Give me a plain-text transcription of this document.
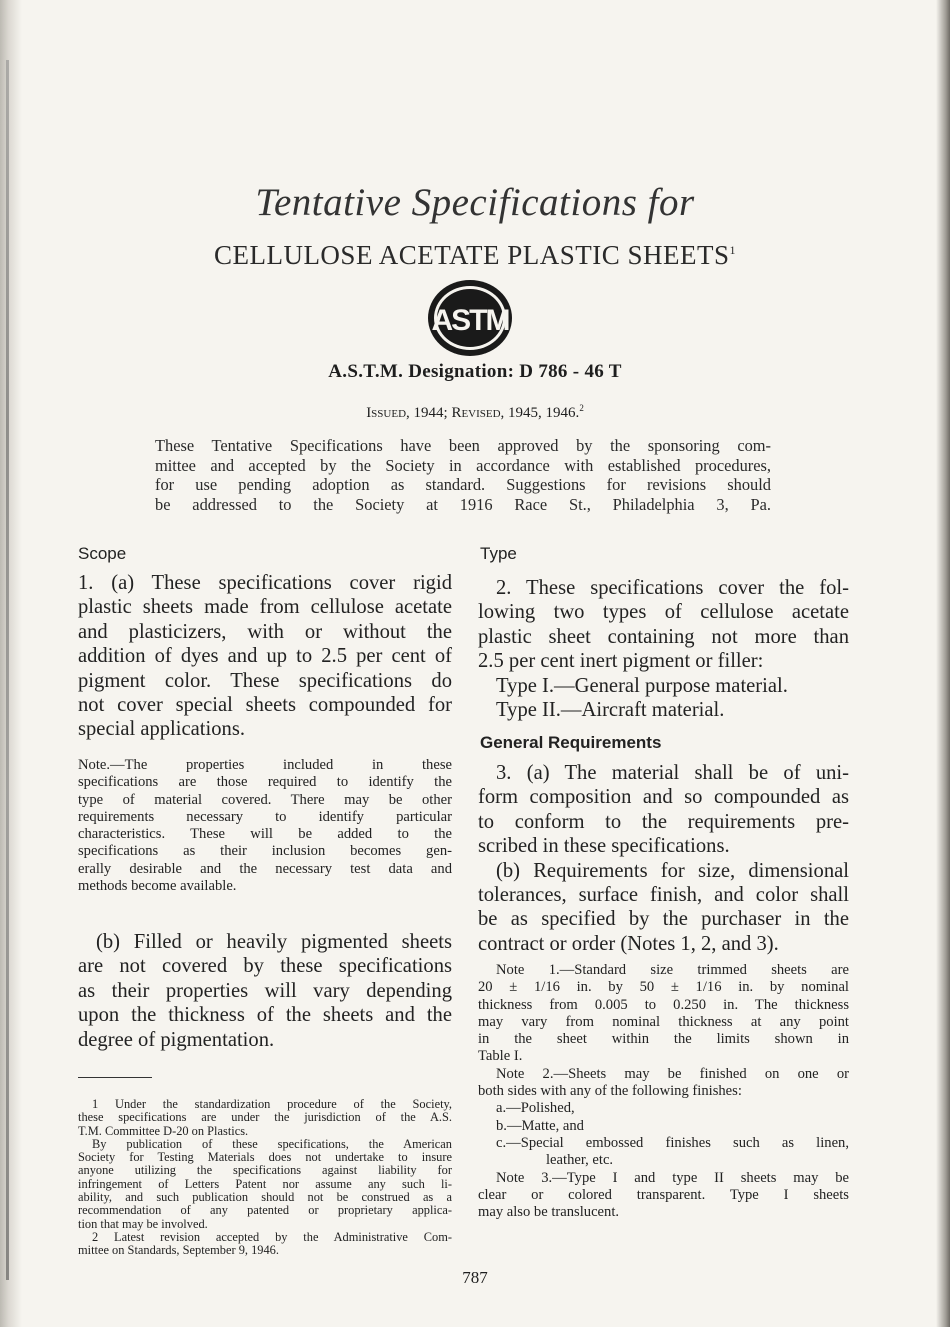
Tentative Specifications for
CELLULOSE ACETATE PLASTIC SHEETS$^1$
ASTM
A.S.T.M. Designation: D 786 - 46 T
Issued, 1944; Revised, 1945, 1946.$^2$
These Tentative Specifications have been approved by the sponsoring com-
mittee and accepted by the Society in accordance with established procedures,
for use pending adoption as standard. Suggestions for revisions should
be addressed to the Society at 1916 Race St., Philadelphia 3, Pa.
Scope
1. (a) These specifications cover rigid
plastic sheets made from cellulose acetate
and plasticizers, with or without the
addition of dyes and up to 2.5 per cent of
pigment color. These specifications do
not cover special sheets compounded for
special applications.
Note.—The properties included in these
specifications are those required to identify the
type of material covered. There may be other
requirements necessary to identify particular
characteristics. These will be added to the
specifications as their inclusion becomes gen-
erally desirable and the necessary test data and
methods become available.
(b) Filled or heavily pigmented sheets
are not covered by these specifications
as their properties will vary depending
upon the thickness of the sheets and the
degree of pigmentation.
1 Under the standardization procedure of the Society,
these specifications are under the jurisdiction of the A.S.
T.M. Committee D-20 on Plastics.
By publication of these specifications, the American
Society for Testing Materials does not undertake to insure
anyone utilizing the specifications against liability for
infringement of Letters Patent nor assume any such li-
ability, and such publication should not be construed as a
recommendation of any patented or proprietary applica-
tion that may be involved.
2 Latest revision accepted by the Administrative Com-
mittee on Standards, September 9, 1946.
Type
2. These specifications cover the fol-
lowing two types of cellulose acetate
plastic sheet containing not more than
2.5 per cent inert pigment or filler:
Type I.—General purpose material.
Type II.—Aircraft material.
General Requirements
3. (a) The material shall be of uni-
form composition and so compounded as
to conform to the requirements pre-
scribed in these specifications.
(b) Requirements for size, dimensional
tolerances, surface finish, and color shall
be as specified by the purchaser in the
contract or order (Notes 1, 2, and 3).
Note 1.—Standard size trimmed sheets are
20 ± 1/16 in. by 50 ± 1/16 in. by nominal
thickness from 0.005 to 0.250 in. The thickness
may vary from nominal thickness at any point
in the sheet within the limits shown in
Table I.
Note 2.—Sheets may be finished on one or
both sides with any of the following finishes:
a.—Polished,
b.—Matte, and
c.—Special embossed finishes such as linen,
leather, etc.
Note 3.—Type I and type II sheets may be
clear or colored transparent. Type I sheets
may also be translucent.
787
